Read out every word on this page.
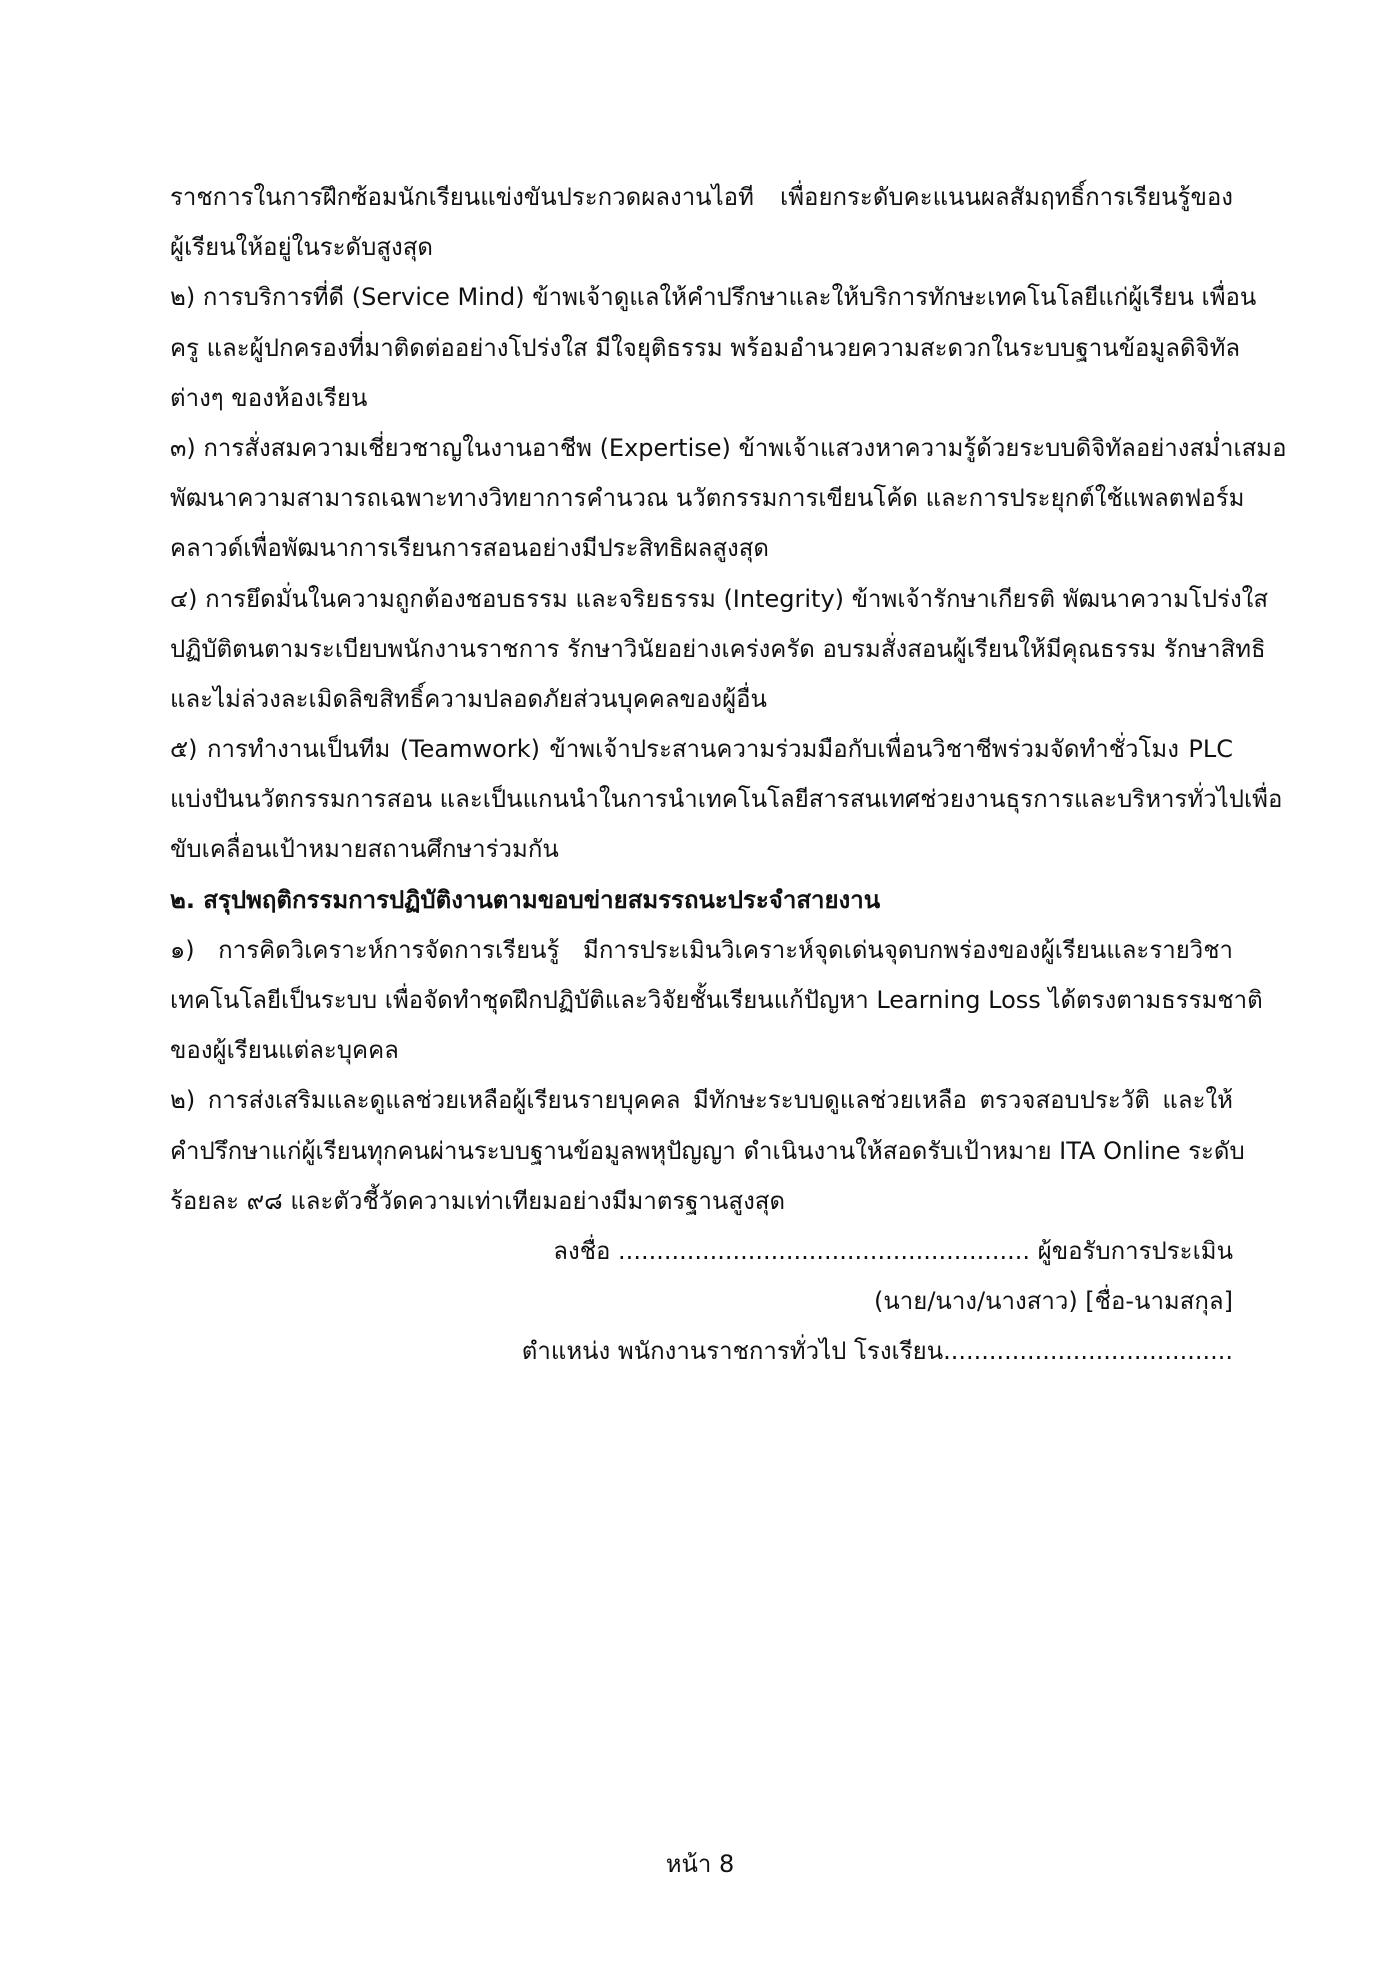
ราชการในการฝึกซ้อมนักเรียนแข่งขันประกวดผลงานไอที เพื่อยกระดับคะแนนผลสัมฤทธิ์การเรียนรู้ของ
ผู้เรียนให้อยู่ในระดับสูงสุด
๒) การบริการที่ดี (Service Mind) ข้าพเจ้าดูแลให้คำปรึกษาและให้บริการทักษะเทคโนโลยีแก่ผู้เรียน เพื่อน
ครู และผู้ปกครองที่มาติดต่ออย่างโปร่งใส มีใจยุติธรรม พร้อมอำนวยความสะดวกในระบบฐานข้อมูลดิจิทัล
ต่างๆ ของห้องเรียน
๓) การสั่งสมความเชี่ยวชาญในงานอาชีพ (Expertise) ข้าพเจ้าแสวงหาความรู้ด้วยระบบดิจิทัลอย่างสม่ำเสมอ
พัฒนาความสามารถเฉพาะทางวิทยาการคำนวณ นวัตกรรมการเขียนโค้ด และการประยุกต์ใช้แพลตฟอร์ม
คลาวด์เพื่อพัฒนาการเรียนการสอนอย่างมีประสิทธิผลสูงสุด
๔) การยึดมั่นในความถูกต้องชอบธรรม และจริยธรรม (Integrity) ข้าพเจ้ารักษาเกียรติ พัฒนาความโปร่งใส
ปฏิบัติตนตามระเบียบพนักงานราชการ รักษาวินัยอย่างเคร่งครัด อบรมสั่งสอนผู้เรียนให้มีคุณธรรม รักษาสิทธิ
และไม่ล่วงละเมิดลิขสิทธิ์ความปลอดภัยส่วนบุคคลของผู้อื่น
๕) การทำงานเป็นทีม (Teamwork) ข้าพเจ้าประสานความร่วมมือกับเพื่อนวิชาชีพร่วมจัดทำชั่วโมง PLC
แบ่งปันนวัตกรรมการสอน และเป็นแกนนำในการนำเทคโนโลยีสารสนเทศช่วยงานธุรการและบริหารทั่วไปเพื่อ
ขับเคลื่อนเป้าหมายสถานศึกษาร่วมกัน
๒. สรุปพฤติกรรมการปฏิบัติงานตามขอบข่ายสมรรถนะประจำสายงาน
๑) การคิดวิเคราะห์การจัดการเรียนรู้ มีการประเมินวิเคราะห์จุดเด่นจุดบกพร่องของผู้เรียนและรายวิชา
เทคโนโลยีเป็นระบบ เพื่อจัดทำชุดฝึกปฏิบัติและวิจัยชั้นเรียนแก้ปัญหา Learning Loss ได้ตรงตามธรรมชาติ
ของผู้เรียนแต่ละบุคคล
๒) การส่งเสริมและดูแลช่วยเหลือผู้เรียนรายบุคคล มีทักษะระบบดูแลช่วยเหลือ ตรวจสอบประวัติ และให้
คำปรึกษาแก่ผู้เรียนทุกคนผ่านระบบฐานข้อมูลพหุปัญญา ดำเนินงานให้สอดรับเป้าหมาย ITA Online ระดับ
ร้อยละ ๙๘ และตัวชี้วัดความเท่าเทียมอย่างมีมาตรฐานสูงสุด
ลงชื่อ ...................................................... ผู้ขอรับการประเมิน
(นาย/นาง/นางสาว) [ชื่อ-นามสกุล]
ตำแหน่ง พนักงานราชการทั่วไป โรงเรียน......................................
หน้า 8
